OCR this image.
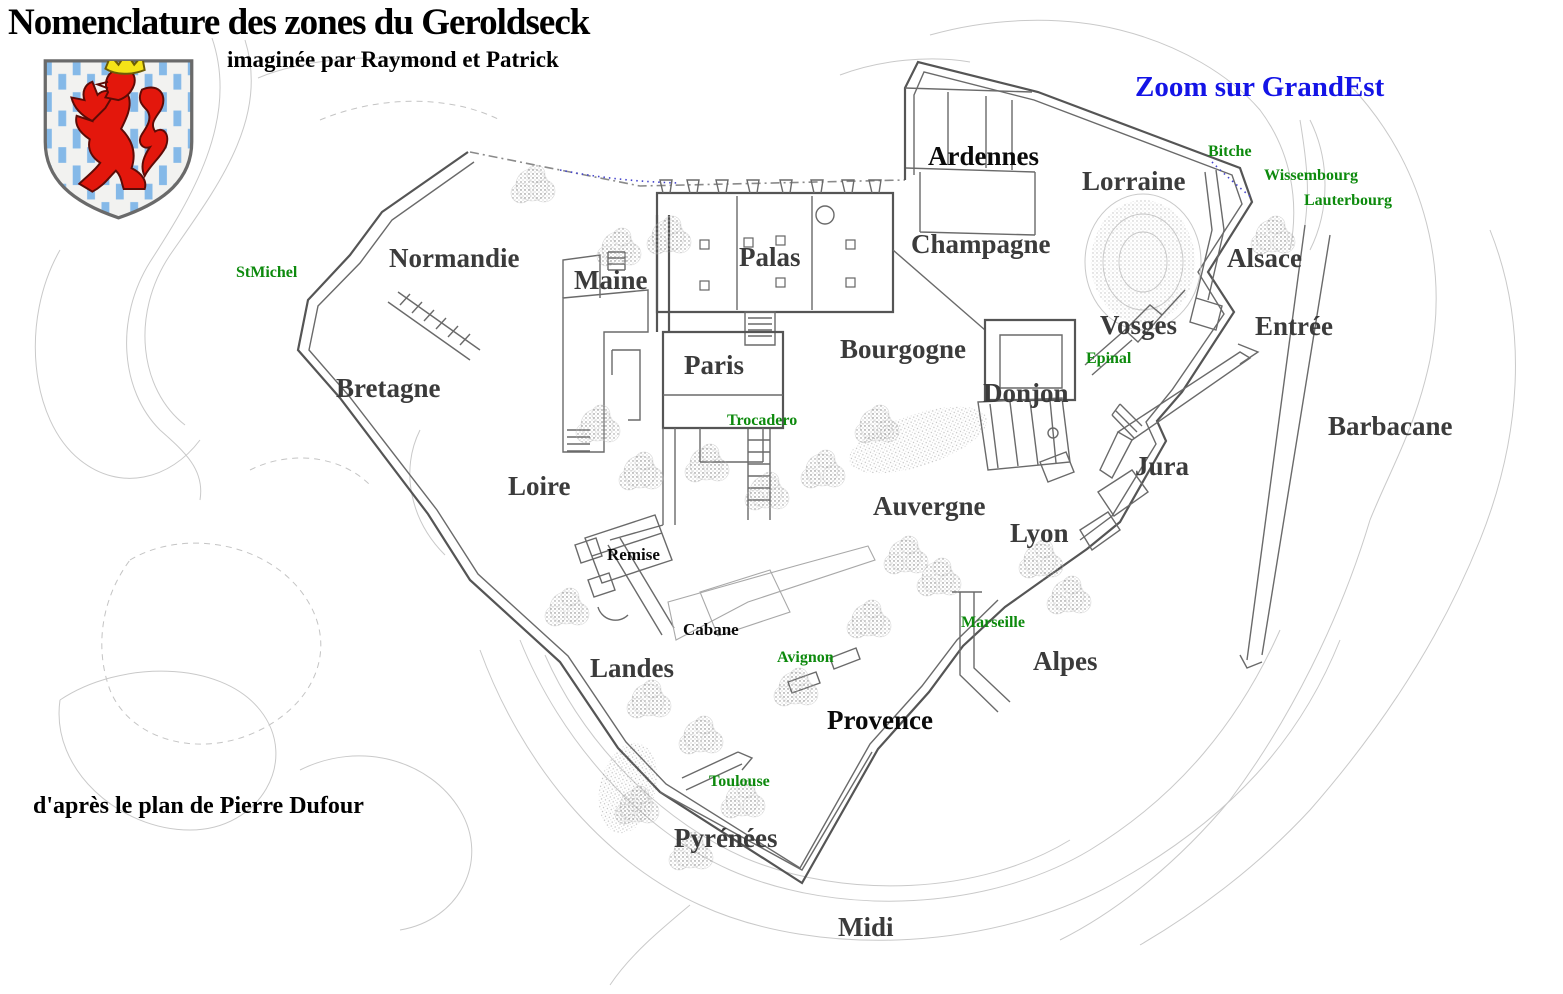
Nomenclature des zones du Geroldseck
imaginée par Raymond et Patrick
Zoom sur GrandEst
d'après le plan de Pierre Dufour
Ardennes
Lorraine
Champagne
Normandie	Palas
Maine
Alsace
Vosges	Entrée
Bourgogne
Paris
Donjon
Bretagne
Barbacane
Jura
Loire
Auvergne
Lyon
Alpes
Landes
Provence
Pyrénées
Midi
StMichel
Bitche
Wissembourg
Lauterbourg
Epinal
Trocadero
Marseille
Avignon
Toulouse
Remise
Cabane
